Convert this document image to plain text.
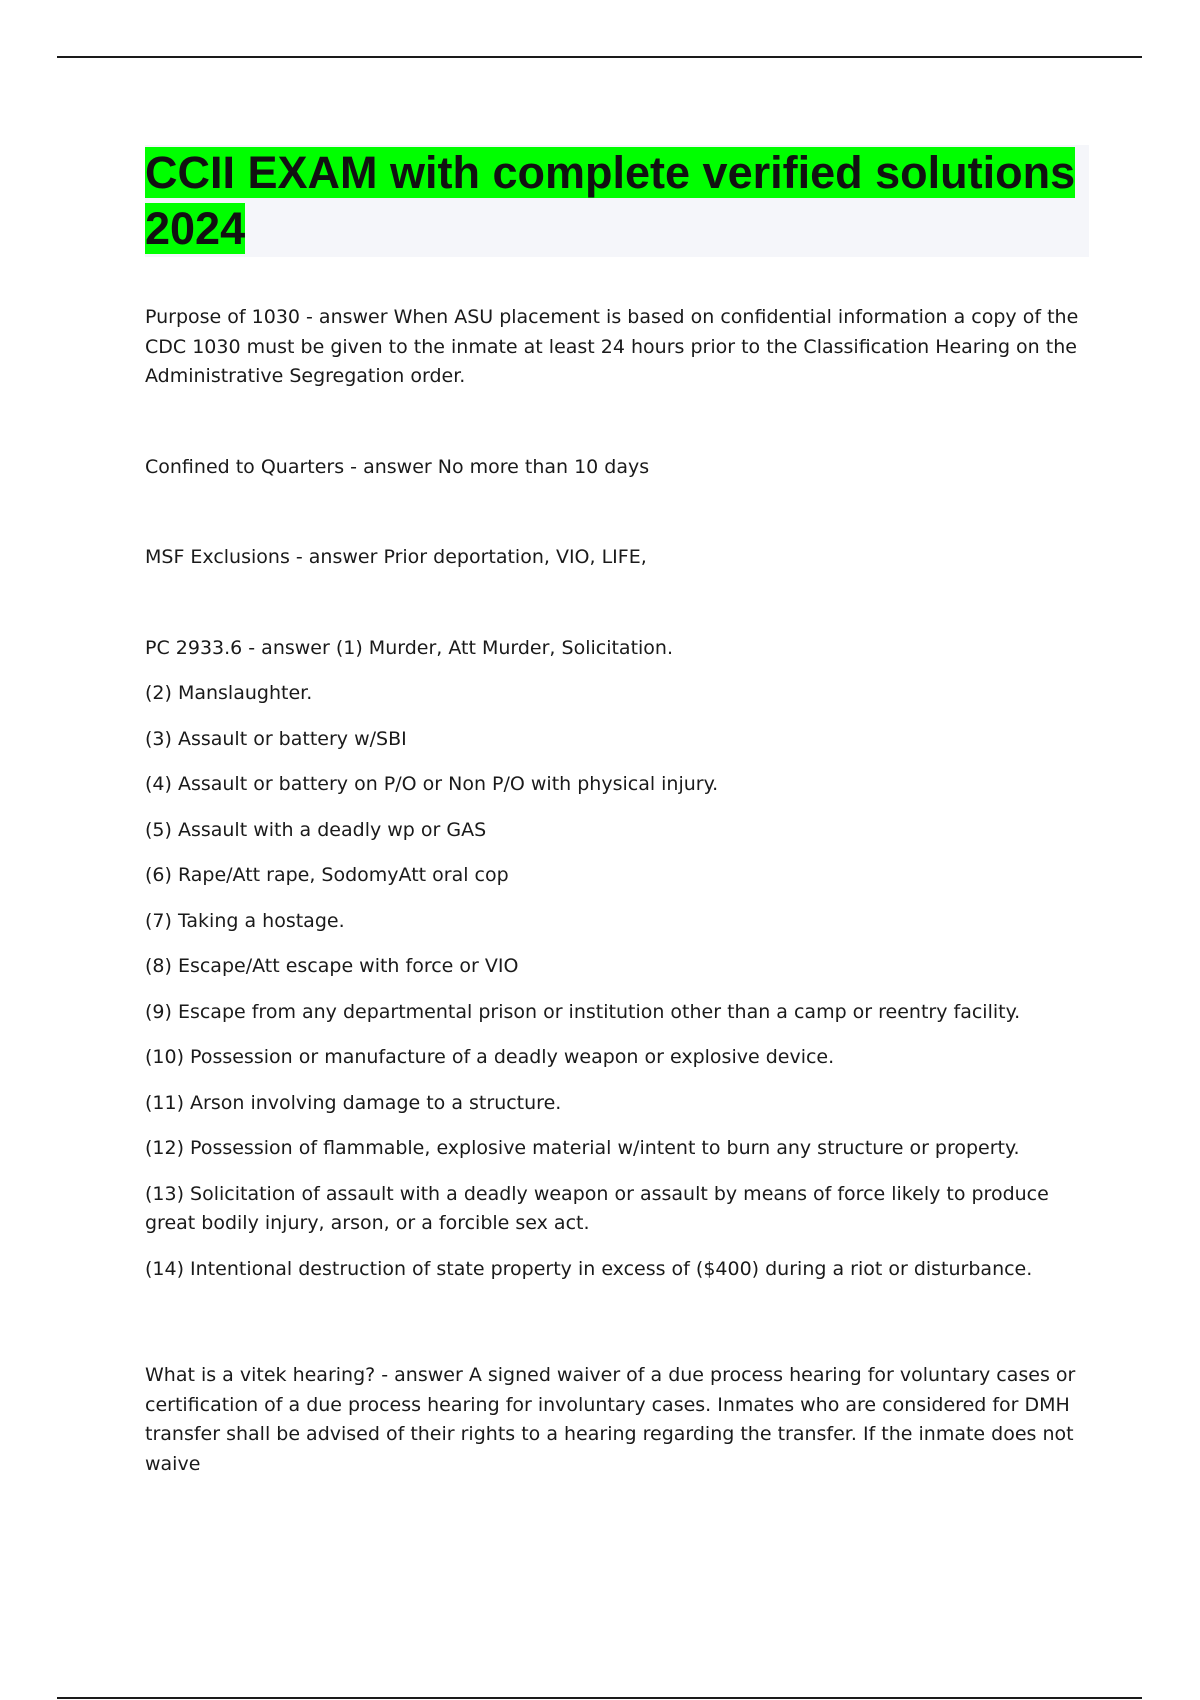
CCII EXAM with complete verified solutions 2024

Purpose of 1030 - answer When ASU placement is based on confidential information a copy of the CDC 1030 must be given to the inmate at least 24 hours prior to the Classification Hearing on the Administrative Segregation order.

Confined to Quarters - answer No more than 10 days

MSF Exclusions - answer Prior deportation, VIO, LIFE,

PC 2933.6 - answer (1) Murder, Att Murder, Solicitation.

(2) Manslaughter.

(3) Assault or battery w/SBI

(4) Assault or battery on P/O or Non P/O with physical injury.

(5) Assault with a deadly wp or GAS

(6) Rape/Att rape, SodomyAtt oral cop

(7) Taking a hostage.

(8) Escape/Att escape with force or VIO

(9) Escape from any departmental prison or institution other than a camp or reentry facility.

(10) Possession or manufacture of a deadly weapon or explosive device.

(11) Arson involving damage to a structure.

(12) Possession of flammable, explosive material w/intent to burn any structure or property.

(13) Solicitation of assault with a deadly weapon or assault by means of force likely to produce great bodily injury, arson, or a forcible sex act.

(14) Intentional destruction of state property in excess of ($400) during a riot or disturbance.

What is a vitek hearing? - answer A signed waiver of a due process hearing for voluntary cases or certification of a due process hearing for involuntary cases. Inmates who are considered for DMH transfer shall be advised of their rights to a hearing regarding the transfer. If the inmate does not waive
